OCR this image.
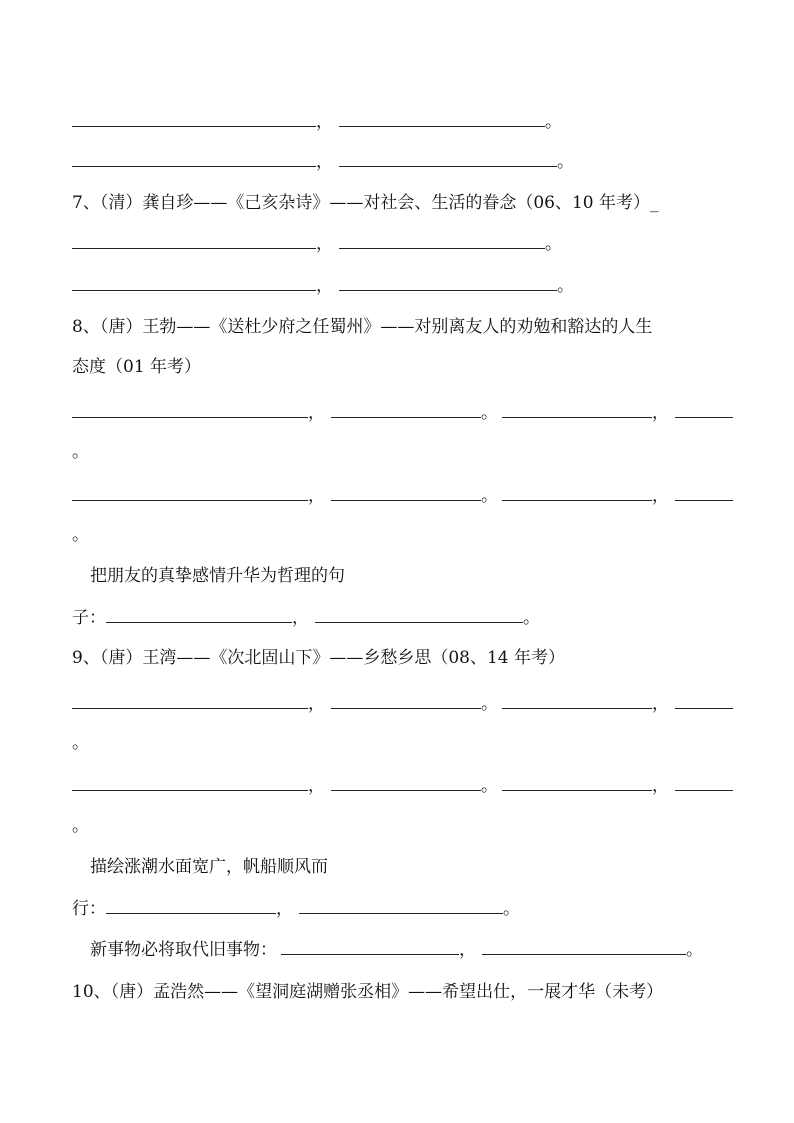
，	。
，	。
7、（清）龚自珍——《己亥杂诗》——对社会、生活的眷念（06、10 年考）_
，	。
，	。
8、（唐）王勃——《送杜少府之任蜀州》——对别离友人的劝勉和豁达的人生
态度（01 年考）
，	。	，
。
，	。	，
。
把朋友的真挚感情升华为哲理的句
子：	，	。
9、（唐）王湾——《次北固山下》——乡愁乡思（08、14 年考）
，	。	，
。
，	。	，
。
描绘涨潮水面宽广，帆船顺风而
行：	，	。
新事物必将取代旧事物：	，	。
10、（唐）孟浩然——《望洞庭湖赠张丞相》——希望出仕，一展才华（未考）
